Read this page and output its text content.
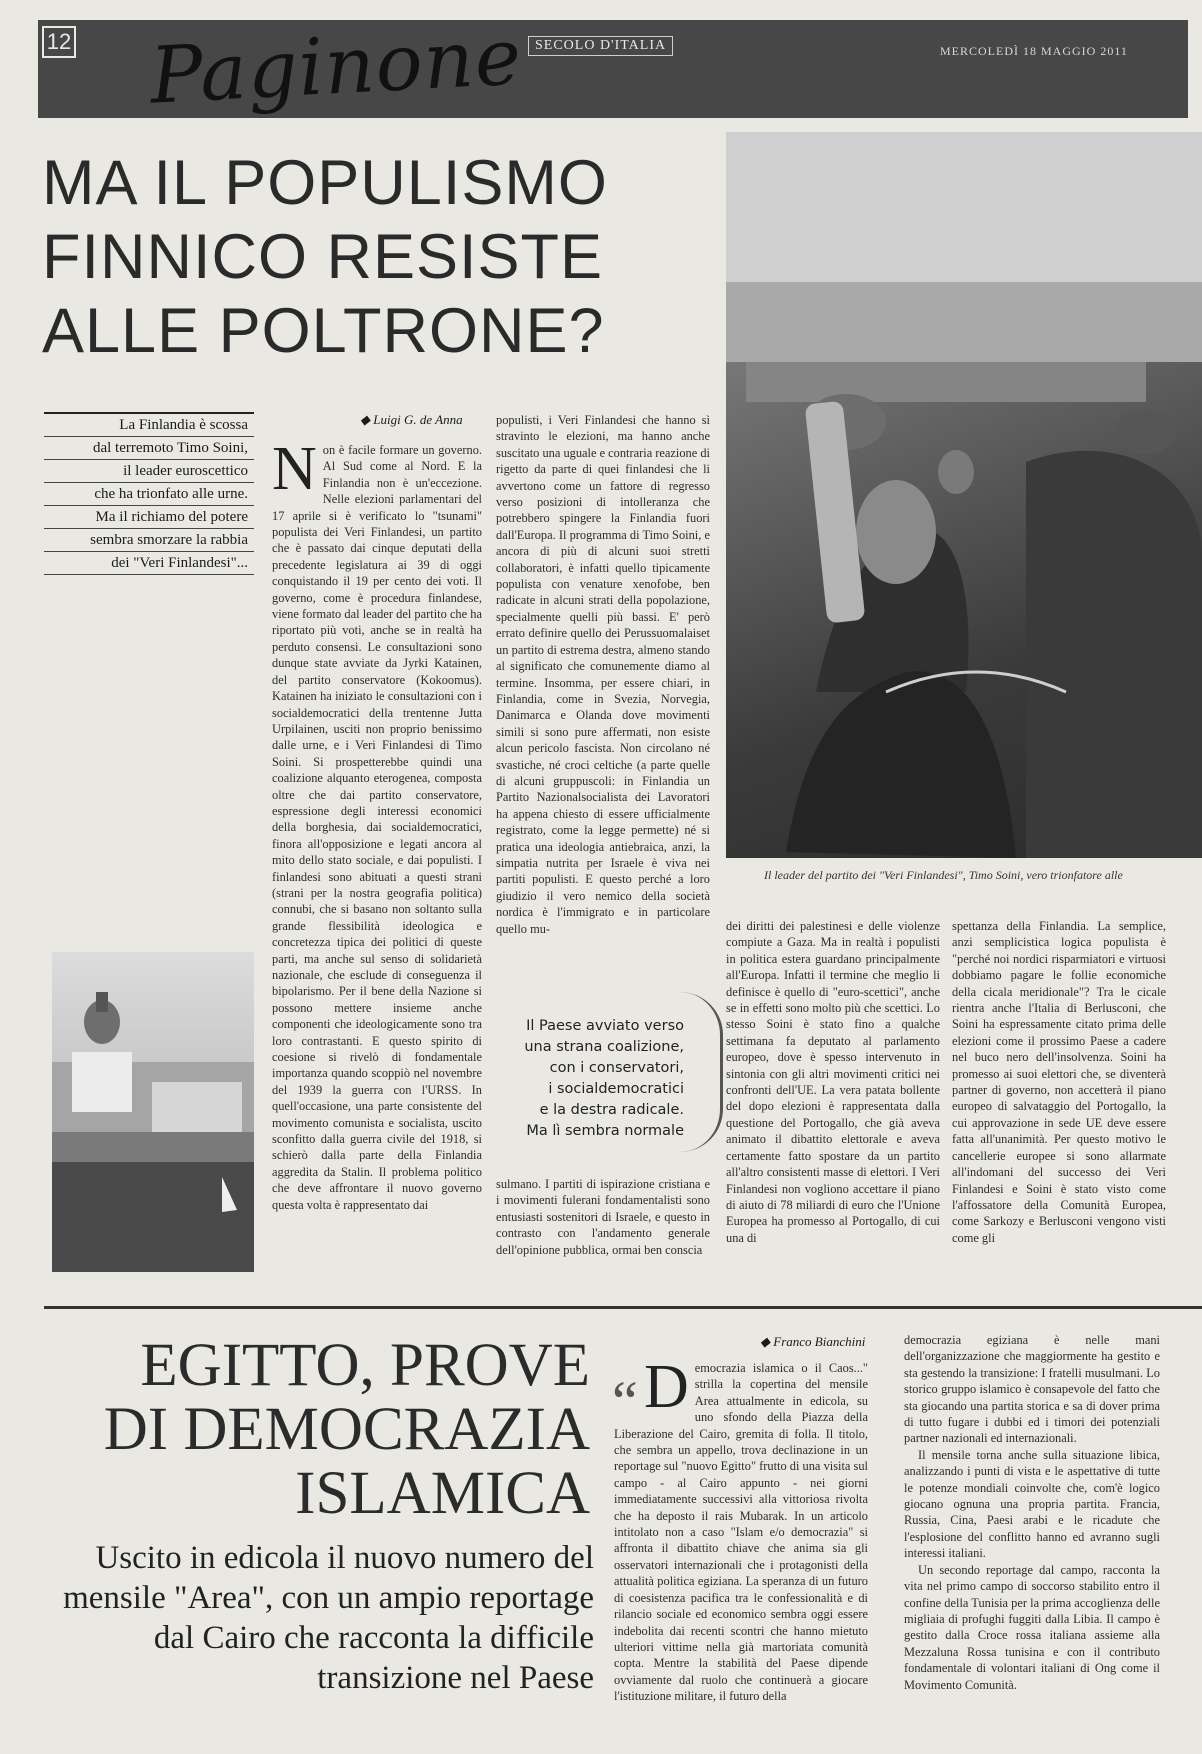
12 Paginone SECOLO D'ITALIA	MERCOLEDÌ 18 MAGGIO 2011
MA IL POPULISMO
FINNICO RESISTE
ALLE POLTRONE?
Il leader del partito dei "Veri Finlandesi", Timo Soini, vero trionfatore alle
La Finlandia è scossa
dal terremoto Timo Soini,
il leader euroscettico
che ha trionfato alle urne.
Ma il richiamo del potere
sembra smorzare la rabbia
dei "Veri Finlandesi"...
◆ Luigi G. de Anna

Non è facile formare un governo. Al Sud come al Nord. E la Finlandia non è un'eccezione. Nelle elezioni parlamentari del 17 aprile si è verificato lo "tsunami" populista dei Veri Finlandesi, un partito che è passato dai cinque deputati della precedente legislatura ai 39 di oggi conquistando il 19 per cento dei voti. Il governo, come è procedura finlandese, viene formato dal leader del partito che ha riportato più voti, anche se in realtà ha perduto consensi. Le consultazioni sono dunque state avviate da Jyrki Katainen, del partito conservatore (Kokoomus). Katainen ha iniziato le consultazioni con i socialdemocratici della trentenne Jutta Urpilainen, usciti non proprio benissimo dalle urne, e i Veri Finlandesi di Timo Soini. Si prospetterebbe quindi una coalizione alquanto eterogenea, composta oltre che dai partito conservatore, espressione degli interessi economici della borghesia, dai socialdemocratici, finora all'opposizione e legati ancora al mito dello stato sociale, e dai populisti. I finlandesi sono abituati a questi strani (strani per la nostra geografia politica) connubi, che si basano non soltanto sulla grande flessibilità ideologica e concretezza tipica dei politici di queste parti, ma anche sul senso di solidarietà nazionale, che esclude di conseguenza il bipolarismo. Per il bene della Nazione si possono mettere insieme anche componenti che ideologicamente sono tra loro contrastanti. E questo spirito di coesione si rivelò di fondamentale importanza quando scoppiò nel novembre del 1939 la guerra con l'URSS. In quell'occasione, una parte consistente del movimento comunista e socialista, uscito sconfitto dalla guerra civile del 1918, si schierò dalla parte della Finlandia aggredita da Stalin. Il problema politico che deve affrontare il nuovo governo questa volta è rappresentato dai

populisti, i Veri Finlandesi che hanno sì stravinto le elezioni, ma hanno anche suscitato una uguale e contraria reazione di rigetto da parte di quei finlandesi che li avvertono come un fattore di regresso verso posizioni di intolleranza che potrebbero spingere la Finlandia fuori dall'Europa. Il programma di Timo Soini, e ancora di più di alcuni suoi stretti collaboratori, è infatti quello tipicamente populista con venature xenofobe, ben radicate in alcuni strati della popolazione, specialmente quelli più bassi. E' però errato definire quello dei Perussuomalaiset un partito di estrema destra, almeno stando al significato che comunemente diamo al termine. Insomma, per essere chiari, in Finlandia, come in Svezia, Norvegia, Danimarca e Olanda dove movimenti simili si sono pure affermati, non esiste alcun pericolo fascista. Non circolano né svastiche, né croci celtiche (a parte quelle di alcuni gruppuscoli: in Finlandia un Partito Nazionalsocialista dei Lavoratori ha appena chiesto di essere ufficialmente registrato, come la legge permette) né si pratica una ideologia antiebraica, anzi, la simpatia nutrita per Israele è viva nei partiti populisti. E questo perché a loro giudizio il vero nemico della società nordica è l'immigrato e in particolare quello mu-

sulmano. I partiti di ispirazione cristiana e i movimenti fulerani fondamentalisti sono entusiasti sostenitori di Israele, e questo in contrasto con l'andamento generale dell'opinione pubblica, ormai ben conscia

dei diritti dei palestinesi e delle violenze compiute a Gaza. Ma in realtà i populisti in politica estera guardano principalmente all'Europa. Infatti il termine che meglio li definisce è quello di "euro-scettici", anche se in effetti sono molto più che scettici. Lo stesso Soini è stato fino a qualche settimana fa deputato al parlamento europeo, dove è spesso intervenuto in sintonia con gli altri movimenti critici nei confronti dell'UE. La vera patata bollente del dopo elezioni è rappresentata dalla questione del Portogallo, che già aveva animato il dibattito elettorale e aveva certamente fatto spostare da un partito all'altro consistenti masse di elettori. I Veri Finlandesi non vogliono accettare il piano di aiuto di 78 miliardi di euro che l'Unione Europea ha promesso al Portogallo, di cui una di

spettanza della Finlandia. La semplice, anzi semplicistica logica populista è "perché noi nordici risparmiatori e virtuosi dobbiamo pagare le follie economiche della cicala meridionale"? Tra le cicale rientra anche l'Italia di Berlusconi, che Soini ha espressamente citato prima delle elezioni come il prossimo Paese a cadere nel buco nero dell'insolvenza. Soini ha promesso ai suoi elettori che, se diventerà partner di governo, non accetterà il piano europeo di salvataggio del Portogallo, la cui approvazione in sede UE deve essere fatta all'unanimità. Per questo motivo le cancellerie europee si sono allarmate all'indomani del successo dei Veri Finlandesi e Soini è stato visto come l'affossatore della Comunità Europea, come Sarkozy e Berlusconi vengono visti come gli

Il Paese avviato verso
una strana coalizione,
con i conservatori,
i socialdemocratici
e la destra radicale.
Ma lì sembra normale
EGITTO, PROVE
DI DEMOCRAZIA
ISLAMICA
Uscito in edicola il nuovo numero del mensile "Area", con un ampio reportage dal Cairo che racconta la difficile transizione nel Paese
◆ Franco Bianchini
“ Democrazia islamica o il Caos..." strilla la copertina del mensile Area attualmente in edicola, su uno sfondo della Piazza della Liberazione del Cairo, gremita di folla. Il titolo, che sembra un appello, trova declinazione in un reportage sul "nuovo Egitto" frutto di una visita sul campo - al Cairo appunto - nei giorni immediatamente successivi alla vittoriosa rivolta che ha deposto il rais Mubarak. In un articolo intitolato non a caso "Islam e/o democrazia" si affronta il dibattito chiave che anima sia gli osservatori internazionali che i protagonisti della attualità politica egiziana. La speranza di un futuro di coesistenza pacifica tra le confessionalità e di rilancio sociale ed economico sembra oggi essere indebolita dai recenti scontri che hanno mietuto ulteriori vittime nella già martoriata comunità copta. Mentre la stabilità del Paese dipende ovviamente dal ruolo che continuerà a giocare l'istituzione militare, il futuro della

democrazia egiziana è nelle mani dell'organizzazione che maggiormente ha gestito e sta gestendo la transizione: I fratelli musulmani. Lo storico gruppo islamico è consapevole del fatto che sta giocando una partita storica e sa di dover prima di tutto fugare i dubbi ed i timori dei potenziali partner nazionali ed internazionali.

Il mensile torna anche sulla situazione libica, analizzando i punti di vista e le aspettative di tutte le potenze mondiali coinvolte che, com'è logico giocano ognuna una propria partita. Francia, Russia, Cina, Paesi arabi e le ricadute che l'esplosione del conflitto hanno ed avranno sugli interessi italiani.

Un secondo reportage dal campo, racconta la vita nel primo campo di soccorso stabilito entro il confine della Tunisia per la prima accoglienza delle migliaia di profughi fuggiti dalla Libia. Il campo è gestito dalla Croce rossa italiana assieme alla Mezzaluna Rossa tunisina e con il contributo fondamentale di volontari italiani di Ong come il Movimento Comunità.
